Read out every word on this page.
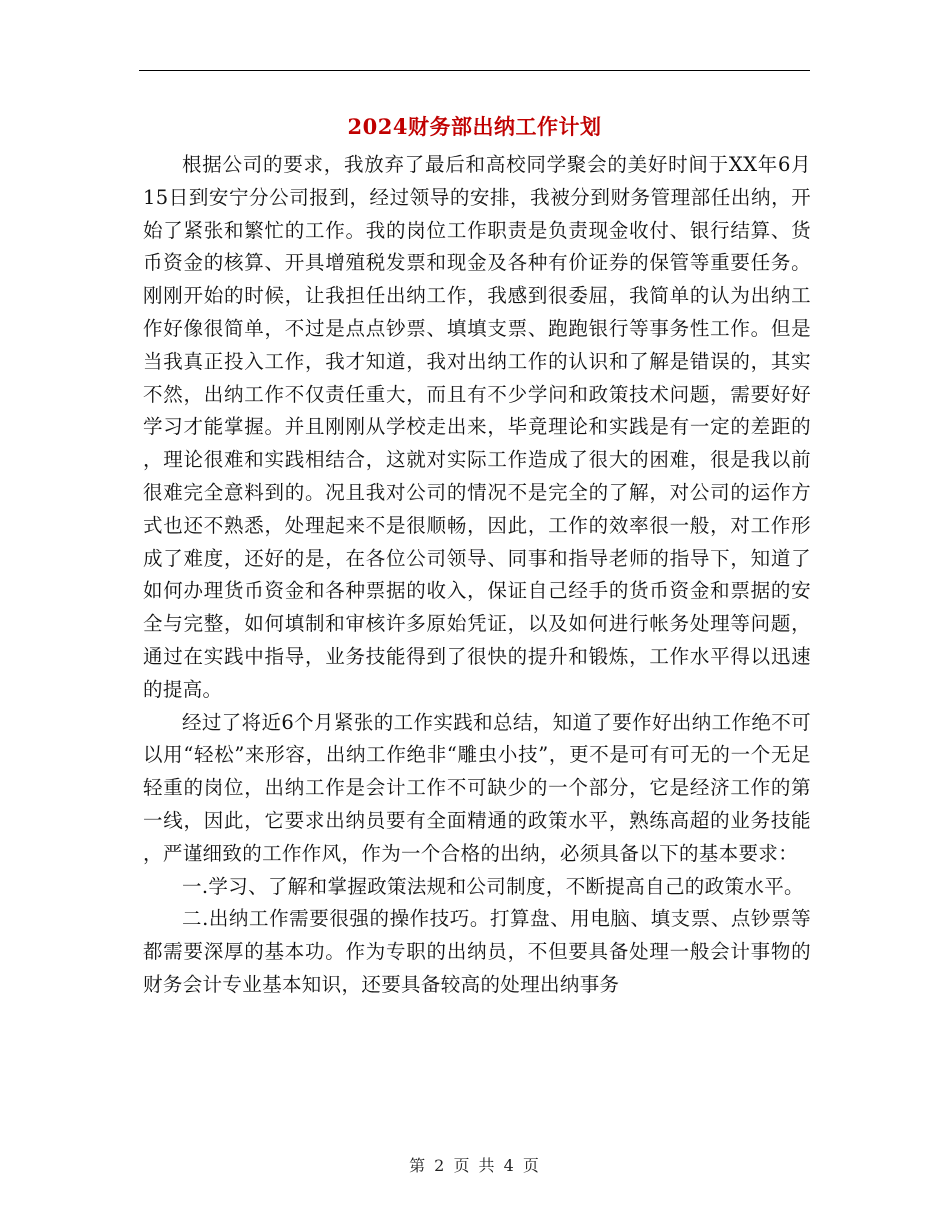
2024财务部出纳工作计划

根据公司的要求，我放弃了最后和高校同学聚会的美好时间于XX年6月15日到安宁分公司报到，经过领导的安排，我被分到财务管理部任出纳，开始了紧张和繁忙的工作。我的岗位工作职责是负责现金收付、银行结算、货币资金的核算、开具增殖税发票和现金及各种有价证券的保管等重要任务。刚刚开始的时候，让我担任出纳工作，我感到很委屈，我简单的认为出纳工作好像很简单，不过是点点钞票、填填支票、跑跑银行等事务性工作。但是当我真正投入工作，我才知道，我对出纳工作的认识和了解是错误的，其实不然，出纳工作不仅责任重大，而且有不少学问和政策技术问题，需要好好学习才能掌握。并且刚刚从学校走出来，毕竟理论和实践是有一定的差距的，理论很难和实践相结合，这就对实际工作造成了很大的困难，很是我以前很难完全意料到的。况且我对公司的情况不是完全的了解，对公司的运作方式也还不熟悉，处理起来不是很顺畅，因此，工作的效率很一般，对工作形成了难度，还好的是，在各位公司领导、同事和指导老师的指导下，知道了如何办理货币资金和各种票据的收入，保证自己经手的货币资金和票据的安全与完整，如何填制和审核许多原始凭证，以及如何进行帐务处理等问题，通过在实践中指导，业务技能得到了很快的提升和锻炼，工作水平得以迅速的提高。

经过了将近6个月紧张的工作实践和总结，知道了要作好出纳工作绝不可以用“轻松”来形容，出纳工作绝非“雕虫小技”，更不是可有可无的一个无足轻重的岗位，出纳工作是会计工作不可缺少的一个部分，它是经济工作的第一线，因此，它要求出纳员要有全面精通的政策水平，熟练高超的业务技能，严谨细致的工作作风，作为一个合格的出纳，必须具备以下的基本要求：

一.学习、了解和掌握政策法规和公司制度，不断提高自己的政策水平。

二.出纳工作需要很强的操作技巧。打算盘、用电脑、填支票、点钞票等都需要深厚的基本功。作为专职的出纳员，不但要具备处理一般会计事物的财务会计专业基本知识，还要具备较高的处理出纳事务

第 2 页 共 4 页
